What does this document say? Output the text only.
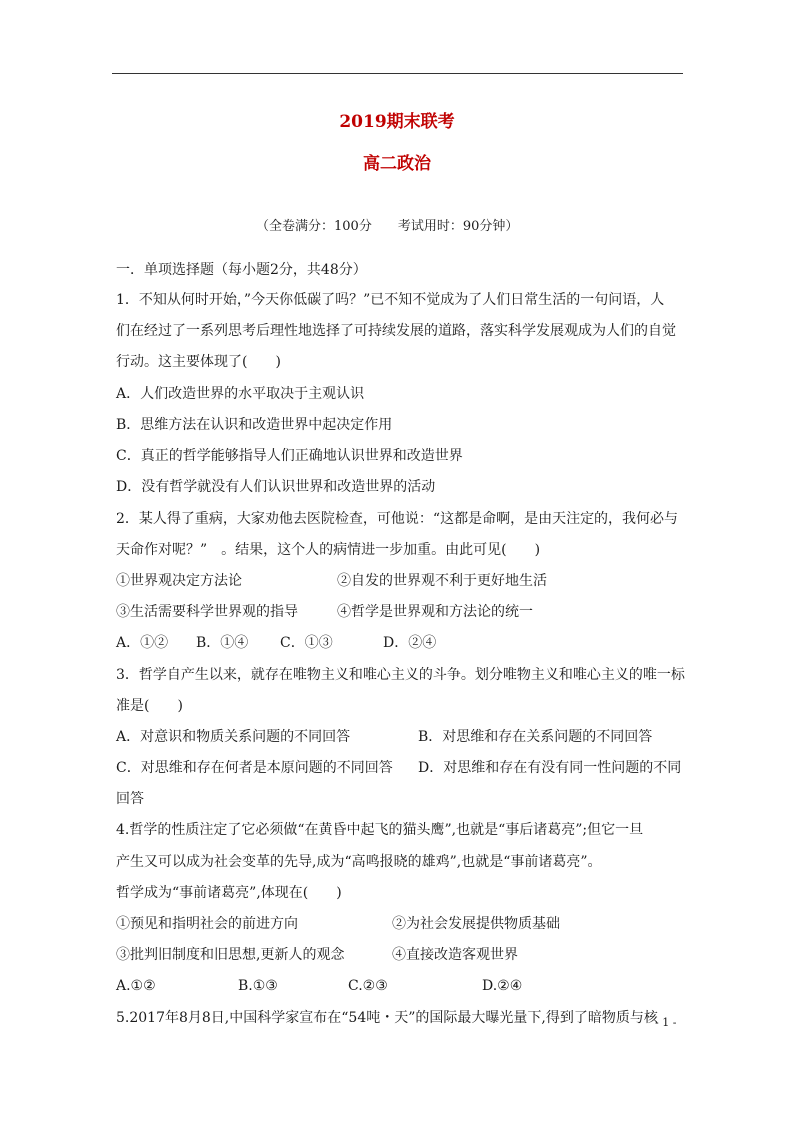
2019期末联考
高二政治
（全卷满分：100分　　考试用时：90分钟）
一．单项选择题（每小题2分，共48分）
1．不知从何时开始，”今天你低碳了吗？”已不知不觉成为了人们日常生活的一句问语，人
们在经过了一系列思考后理性地选择了可持续发展的道路，落实科学发展观成为人们的自觉
行动。这主要体现了(　　)
A．人们改造世界的水平取决于主观认识
B．思维方法在认识和改造世界中起决定作用
C．真正的哲学能够指导人们正确地认识世界和改造世界
D．没有哲学就没有人们认识世界和改造世界的活动
2．某人得了重病，大家劝他去医院检查，可他说：“这都是命啊，是由天注定的，我何必与
天命作对呢？”　。结果，这个人的病情进一步加重。由此可见(　　)
①世界观决定方法论	②自发的世界观不利于更好地生活
③生活需要科学世界观的指导	④哲学是世界观和方法论的统一
A．①② B．①④ C．①③	D．②④
3．哲学自产生以来，就存在唯物主义和唯心主义的斗争。划分唯物主义和唯心主义的唯一标
准是(　　)
A．对意识和物质关系问题的不同回答	B．对思维和存在关系问题的不同回答
C．对思维和存在何者是本原问题的不同回答 D．对思维和存在有没有同一性问题的不同
回答
4.哲学的性质注定了它必须做“在黄昏中起飞的猫头鹰”,也就是“事后诸葛亮”;但它一旦
产生又可以成为社会变革的先导,成为“高鸣报晓的雄鸡”,也就是“事前诸葛亮”。
哲学成为“事前诸葛亮”,体现在(　　)
①预见和指明社会的前进方向	②为社会发展提供物质基础
③批判旧制度和旧思想,更新人的观念	④直接改造客观世界
A.①②	B.①③	C.②③	D.②④
5.2017年8月8日,中国科学家宣布在“54吨・天”的国际最大曝光量下,得到了暗物质与核
- 1 -
